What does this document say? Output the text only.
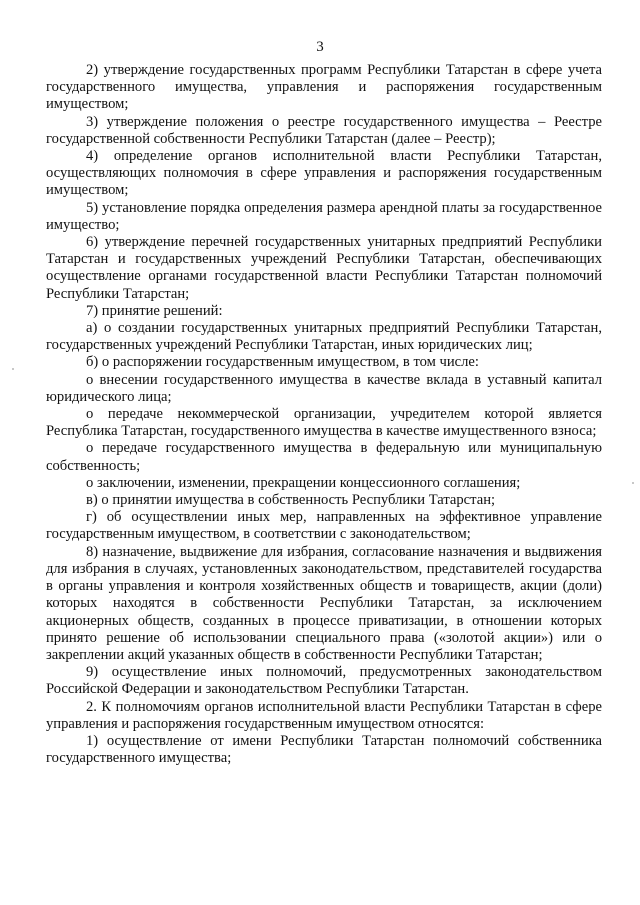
3

2) утверждение государственных программ Республики Татарстан в сфере учета государственного имущества, управления и распоряжения государственным имуществом;

3) утверждение положения о реестре государственного имущества – Реестре государственной собственности Республики Татарстан (далее – Реестр);

4) определение органов исполнительной власти Республики Татарстан, осуществляющих полномочия в сфере управления и распоряжения государственным имуществом;

5) установление порядка определения размера арендной платы за государственное имущество;

6) утверждение перечней государственных унитарных предприятий Республики Татарстан и государственных учреждений Республики Татарстан, обеспечивающих осуществление органами государственной власти Республики Татарстан полномочий Республики Татарстан;

7) принятие решений:

а) о создании государственных унитарных предприятий Республики Татарстан, государственных учреждений Республики Татарстан, иных юридических лиц;

б) о распоряжении государственным имуществом, в том числе:

о внесении государственного имущества в качестве вклада в уставный капитал юридического лица;

о передаче некоммерческой организации, учредителем которой является Республика Татарстан, государственного имущества в качестве имущественного взноса;

о передаче государственного имущества в федеральную или муниципальную собственность;

о заключении, изменении, прекращении концессионного соглашения;

в) о принятии имущества в собственность Республики Татарстан;

г) об осуществлении иных мер, направленных на эффективное управление государственным имуществом, в соответствии с законодательством;

8) назначение, выдвижение для избрания, согласование назначения и выдвижения для избрания в случаях, установленных законодательством, представителей государства в органы управления и контроля хозяйственных обществ и товариществ, акции (доли) которых находятся в собственности Республики Татарстан, за исключением акционерных обществ, созданных в процессе приватизации, в отношении которых принято решение об использовании специального права («золотой акции») или о закреплении акций указанных обществ в собственности Республики Татарстан;

9) осуществление иных полномочий, предусмотренных законодательством Российской Федерации и законодательством Республики Татарстан.

2. К полномочиям органов исполнительной власти Республики Татарстан в сфере управления и распоряжения государственным имуществом относятся:

1) осуществление от имени Республики Татарстан полномочий собственника государственного имущества;
